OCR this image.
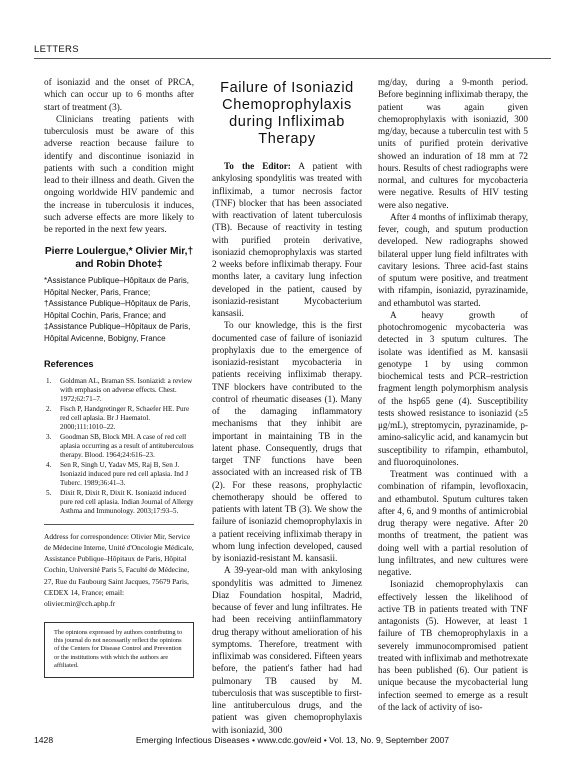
LETTERS

of isoniazid and the onset of PRCA, which can occur up to 6 months after start of treatment (3).

Clinicians treating patients with tuberculosis must be aware of this adverse reaction because failure to identify and discontinue isoniazid in patients with such a condition might lead to their illness and death. Given the ongoing worldwide HIV pandemic and the increase in tuberculosis it induces, such adverse effects are more likely to be reported in the next few years.

Pierre Loulergue,* Olivier Mir,† and Robin Dhote‡
*Assistance Publique–Hôpitaux de Paris, Hôpital Necker, Paris, France; †Assistance Publique–Hôpitaux de Paris, Hôpital Cochin, Paris, France; and ‡Assistance Publique–Hôpitaux de Paris, Hôpital Avicenne, Bobigny, France
References
1.	Goldman AL, Braman SS. Isoniazid: a review with emphasis on adverse effects. Chest. 1972;62:71–7.
2.	Fisch P, Handgretinger R, Schaefer HE. Pure red cell aplasia. Br J Haematol. 2000;111:1010–22.
3.	Goodman SB, Block MH. A case of red cell aplasia occurring as a result of antituberculous therapy. Blood. 1964;24:616–23.
4.	Sen R, Singh U, Yadav MS, Raj B, Sen J. Isoniazid induced pure red cell aplasia. Ind J Tuberc. 1989;36:41–3.
5.	Dixit R, Dixit R, Dixit K. Isoniazid induced pure red cell aplasia. Indian Journal of Allergy Asthma and Immunology. 2003;17:93–5.
Address for correspondence: Olivier Mir, Service de Médecine Interne, Unité d'Oncologie Médicale, Assistance Publique–Hôpitaux de Paris, Hôpital Cochin, Université Paris 5, Faculté de Médecine, 27, Rue du Faubourg Saint Jacques, 75679 Paris, CEDEX 14, France; email: olivier.mir@cch.aphp.fr
The opinions expressed by authors contributing to this journal do not necessarily reflect the opinions of the Centers for Disease Control and Prevention or the institutions with which the authors are affiliated.
Failure of Isoniazid Chemoprophylaxis during Infliximab Therapy

To the Editor: A patient with ankylosing spondylitis was treated with infliximab, a tumor necrosis factor (TNF) blocker that has been associated with reactivation of latent tuberculosis (TB). Because of reactivity in testing with purified protein derivative, isoniazid chemoprophylaxis was started 2 weeks before infliximab therapy. Four months later, a cavitary lung infection developed in the patient, caused by isoniazid-resistant Mycobacterium kansasii.

To our knowledge, this is the first documented case of failure of isoniazid prophylaxis due to the emergence of isoniazid-resistant mycobacteria in patients receiving infliximab therapy. TNF blockers have contributed to the control of rheumatic diseases (1). Many of the damaging inflammatory mechanisms that they inhibit are important in maintaining TB in the latent phase. Consequently, drugs that target TNF functions have been associated with an increased risk of TB (2). For these reasons, prophylactic chemotherapy should be offered to patients with latent TB (3). We show the failure of isoniazid chemoprophylaxis in a patient receiving infliximab therapy in whom lung infection developed, caused by isoniazid-resistant M. kansasii.

A 39-year-old man with ankylosing spondylitis was admitted to Jimenez Diaz Foundation hospital, Madrid, because of fever and lung infiltrates. He had been receiving antiinflammatory drug therapy without amelioration of his symptoms. Therefore, treatment with infliximab was considered. Fifteen years before, the patient's father had had pulmonary TB caused by M. tuberculosis that was susceptible to first-line antituberculous drugs, and the patient was given chemoprophylaxis with isoniazid, 300

mg/day, during a 9-month period. Before beginning infliximab therapy, the patient was again given chemoprophylaxis with isoniazid, 300 mg/day, because a tuberculin test with 5 units of purified protein derivative showed an induration of 18 mm at 72 hours. Results of chest radiographs were normal, and cultures for mycobacteria were negative. Results of HIV testing were also negative.

After 4 months of infliximab therapy, fever, cough, and sputum production developed. New radiographs showed bilateral upper lung field infiltrates with cavitary lesions. Three acid-fast stains of sputum were positive, and treatment with rifampin, isoniazid, pyrazinamide, and ethambutol was started.

A heavy growth of photochromogenic mycobacteria was detected in 3 sputum cultures. The isolate was identified as M. kansasii genotype 1 by using common biochemical tests and PCR–restriction fragment length polymorphism analysis of the hsp65 gene (4). Susceptibility tests showed resistance to isoniazid (≥5 μg/mL), streptomycin, pyrazinamide, p-amino-salicylic acid, and kanamycin but susceptibility to rifampin, ethambutol, and fluoroquinolones.

Treatment was continued with a combination of rifampin, levofloxacin, and ethambutol. Sputum cultures taken after 4, 6, and 9 months of antimicrobial drug therapy were negative. After 20 months of treatment, the patient was doing well with a partial resolution of lung infiltrates, and new cultures were negative.

Isoniazid chemoprophylaxis can effectively lessen the likelihood of active TB in patients treated with TNF antagonists (5). However, at least 1 failure of TB chemoprophylaxis in a severely immunocompromised patient treated with infliximab and methotrexate has been published (6). Our patient is unique because the mycobacterial lung infection seemed to emerge as a result of the lack of activity of iso-

1428	Emerging Infectious Diseases • www.cdc.gov/eid • Vol. 13, No. 9, September 2007
